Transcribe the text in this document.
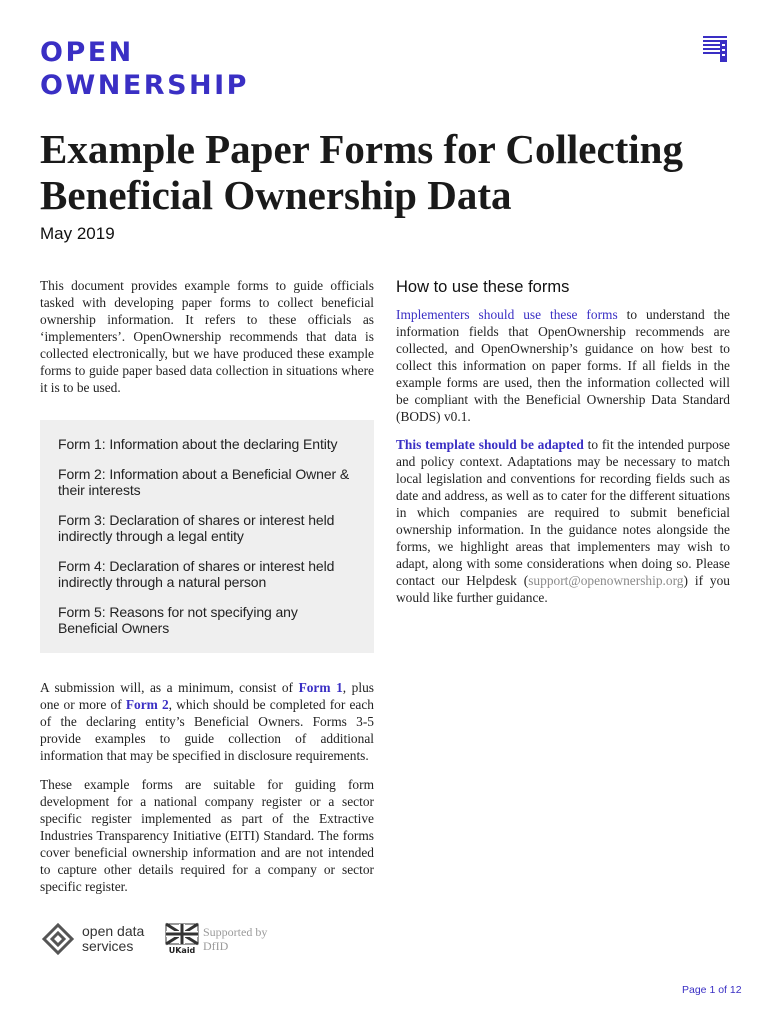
OPEN
OWNERSHIP
Example Paper Forms for Collecting
Beneficial Ownership Data
May 2019

This document provides example forms to guide officials tasked with developing paper forms to collect beneficial ownership information. It refers to these officials as ‘implementers’. OpenOwnership recommends that data is collected electronically, but we have produced these example forms to guide paper based data collection in situations where it is to be used.

Form 1: Information about the declaring Entity
Form 2: Information about a Beneficial Owner & their interests
Form 3: Declaration of shares or interest held indirectly through a legal entity
Form 4: Declaration of shares or interest held indirectly through a natural person
Form 5: Reasons for not specifying any Beneficial Owners

A submission will, as a minimum, consist of Form 1, plus one or more of Form 2, which should be completed for each of the declaring entity’s Beneficial Owners. Forms 3-5 provide examples to guide collection of additional information that may be specified in disclosure requirements.

These example forms are suitable for guiding form development for a national company register or a sector specific register implemented as part of the Extractive Industries Transparency Initiative (EITI) Standard. The forms cover beneficial ownership information and are not intended to capture other details required for a company or sector specific register.

How to use these forms

Implementers should use these forms to understand the information fields that OpenOwnership recommends are collected, and OpenOwnership’s guidance on how best to collect this information on paper forms. If all fields in the example forms are used, then the information collected will be compliant with the Beneficial Ownership Data Standard (BODS) v0.1.

This template should be adapted to fit the intended purpose and policy context. Adaptations may be necessary to match local legislation and conventions for recording fields such as date and address, as well as to cater for the different situations in which companies are required to submit beneficial ownership information. In the guidance notes alongside the forms, we highlight areas that implementers may wish to adapt, along with some considerations when doing so. Please contact our Helpdesk (support@openownership.org) if you would like further guidance.

open data
services	UKaid
Supported by
DfID
Page 1 of 12
